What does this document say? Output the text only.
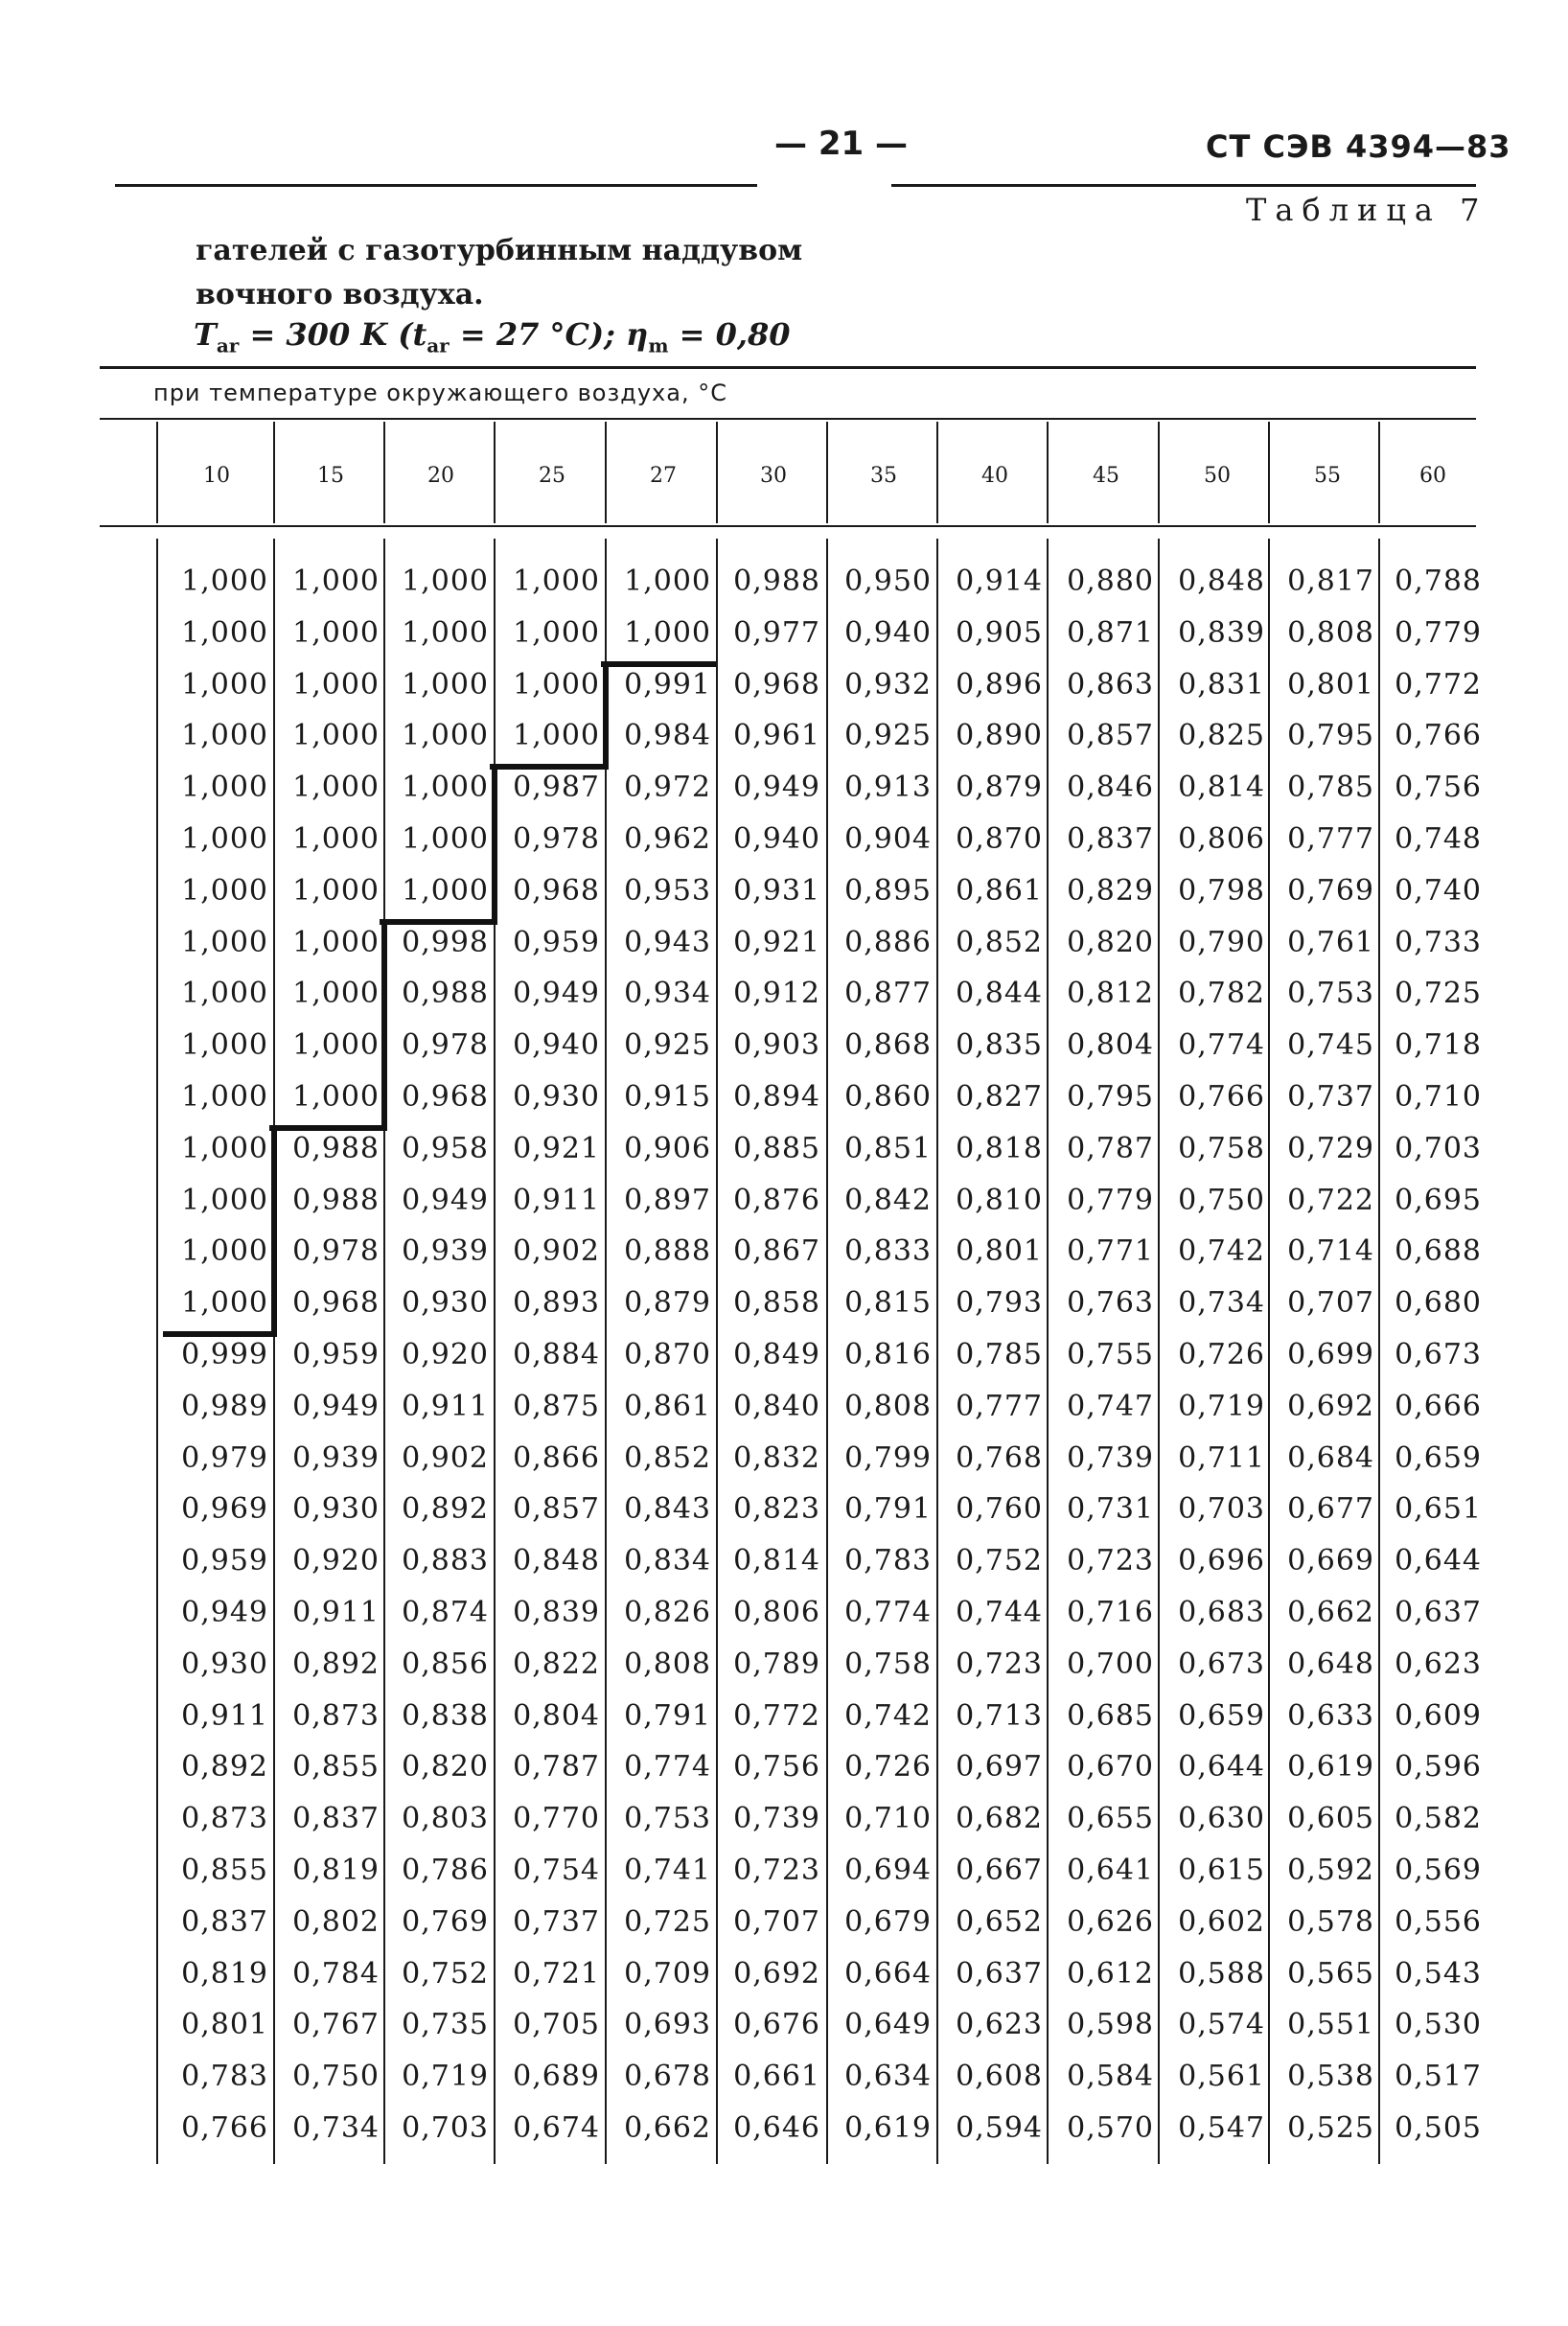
— 21 —	СТ СЭВ 4394—83
Таблица 7
гателей с газотурбинным наддувом
вочного воздуха.
$T_{ar} = 300$ K ($t_{ar} = 27$ °C); $\eta_m = 0,80$
при температуре окружающего воздуха, °C
10	15	20	25	27	30	35	40	45	50	55	60
1,000 1,000 1,000 1,000 1,000 0,988 0,950 0,914 0,880 0,848 0,817 0,788
1,000 1,000 1,000 1,000 1,000 0,977 0,940 0,905 0,871 0,839 0,808 0,779
1,000 1,000 1,000 1,000 0,991 0,968 0,932 0,896 0,863 0,831 0,801 0,772
1,000 1,000 1,000 1,000 0,984 0,961 0,925 0,890 0,857 0,825 0,795 0,766
1,000 1,000 1,000 0,987 0,972 0,949 0,913 0,879 0,846 0,814 0,785 0,756
1,000 1,000 1,000 0,978 0,962 0,940 0,904 0,870 0,837 0,806 0,777 0,748
1,000 1,000 1,000 0,968 0,953 0,931 0,895 0,861 0,829 0,798 0,769 0,740
1,000 1,000 0,998 0,959 0,943 0,921 0,886 0,852 0,820 0,790 0,761 0,733
1,000 1,000 0,988 0,949 0,934 0,912 0,877 0,844 0,812 0,782 0,753 0,725
1,000 1,000 0,978 0,940 0,925 0,903 0,868 0,835 0,804 0,774 0,745 0,718
1,000 1,000 0,968 0,930 0,915 0,894 0,860 0,827 0,795 0,766 0,737 0,710
1,000 0,988 0,958 0,921 0,906 0,885 0,851 0,818 0,787 0,758 0,729 0,703
1,000 0,988 0,949 0,911 0,897 0,876 0,842 0,810 0,779 0,750 0,722 0,695
1,000 0,978 0,939 0,902 0,888 0,867 0,833 0,801 0,771 0,742 0,714 0,688
1,000 0,968 0,930 0,893 0,879 0,858 0,815 0,793 0,763 0,734 0,707 0,680
0,999 0,959 0,920 0,884 0,870 0,849 0,816 0,785 0,755 0,726 0,699 0,673
0,989 0,949 0,911 0,875 0,861 0,840 0,808 0,777 0,747 0,719 0,692 0,666
0,979 0,939 0,902 0,866 0,852 0,832 0,799 0,768 0,739 0,711 0,684 0,659
0,969 0,930 0,892 0,857 0,843 0,823 0,791 0,760 0,731 0,703 0,677 0,651
0,959 0,920 0,883 0,848 0,834 0,814 0,783 0,752 0,723 0,696 0,669 0,644
0,949 0,911 0,874 0,839 0,826 0,806 0,774 0,744 0,716 0,683 0,662 0,637
0,930 0,892 0,856 0,822 0,808 0,789 0,758 0,723 0,700 0,673 0,648 0,623
0,911 0,873 0,838 0,804 0,791 0,772 0,742 0,713 0,685 0,659 0,633 0,609
0,892 0,855 0,820 0,787 0,774 0,756 0,726 0,697 0,670 0,644 0,619 0,596
0,873 0,837 0,803 0,770 0,753 0,739 0,710 0,682 0,655 0,630 0,605 0,582
0,855 0,819 0,786 0,754 0,741 0,723 0,694 0,667 0,641 0,615 0,592 0,569
0,837 0,802 0,769 0,737 0,725 0,707 0,679 0,652 0,626 0,602 0,578 0,556
0,819 0,784 0,752 0,721 0,709 0,692 0,664 0,637 0,612 0,588 0,565 0,543
0,801 0,767 0,735 0,705 0,693 0,676 0,649 0,623 0,598 0,574 0,551 0,530
0,783 0,750 0,719 0,689 0,678 0,661 0,634 0,608 0,584 0,561 0,538 0,517
0,766 0,734 0,703 0,674 0,662 0,646 0,619 0,594 0,570 0,547 0,525 0,505
